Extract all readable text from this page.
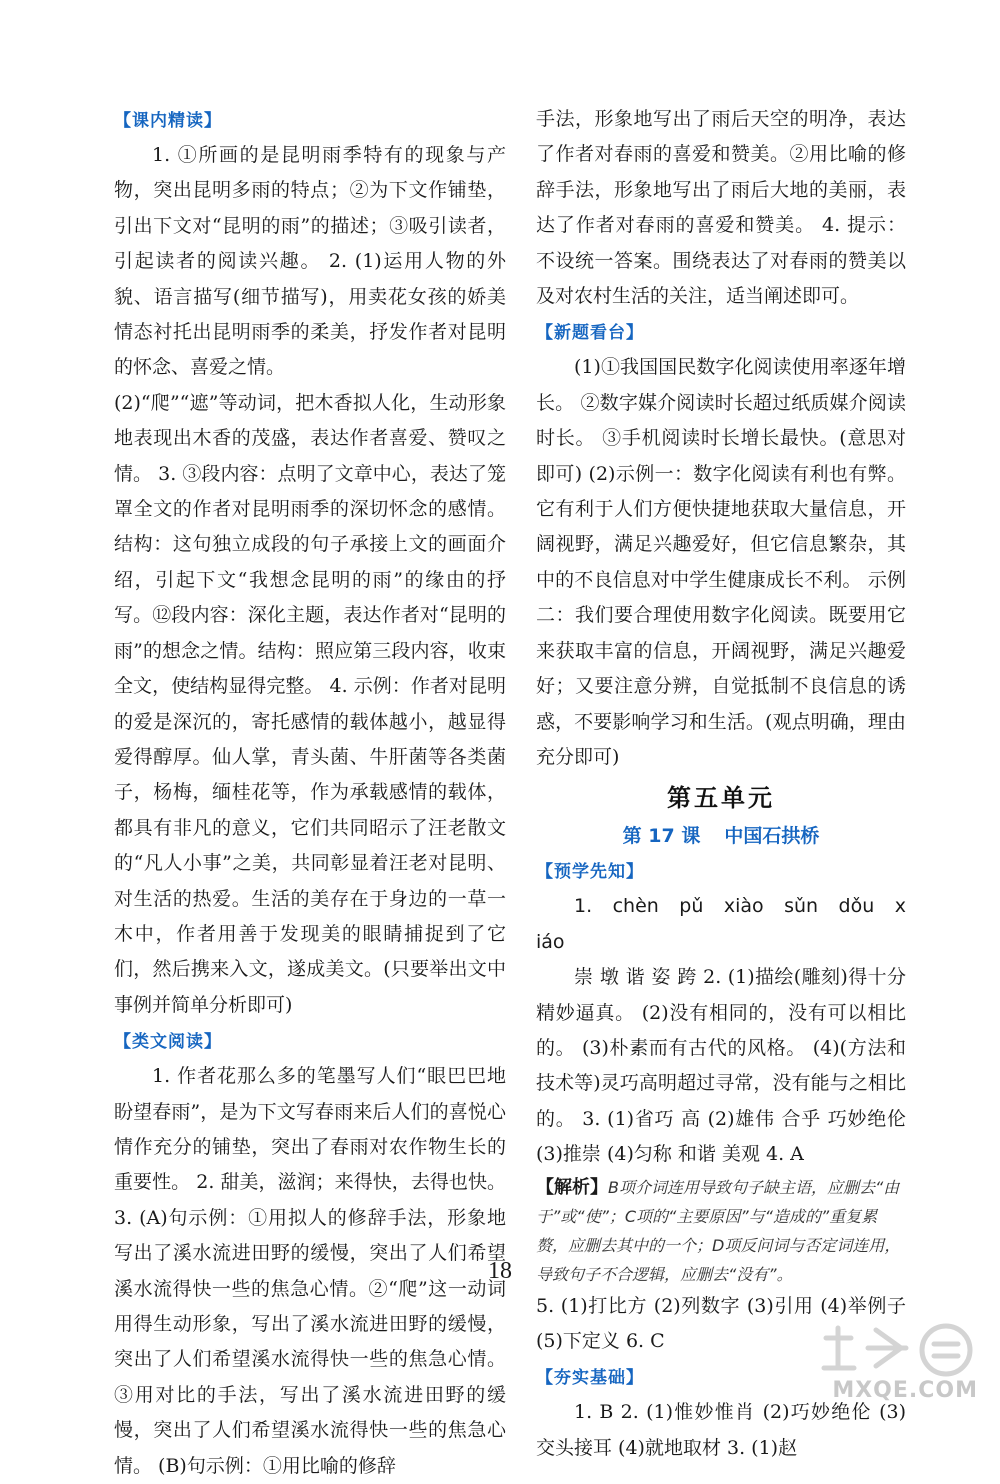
【课内精读】

1. ①所画的是昆明雨季特有的现象与产物，突出昆明多雨的特点；②为下文作铺垫，引出下文对“昆明的雨”的描述；③吸引读者，引起读者的阅读兴趣。 2. (1)运用人物的外貌、语言描写(细节描写)，用卖花女孩的娇美情态衬托出昆明雨季的柔美，抒发作者对昆明的怀念、喜爱之情。

(2)“爬”“遮”等动词，把木香拟人化，生动形象地表现出木香的茂盛，表达作者喜爱、赞叹之情。 3. ③段内容：点明了文章中心，表达了笼罩全文的作者对昆明雨季的深切怀念的感情。结构：这句独立成段的句子承接上文的画面介绍，引起下文“我想念昆明的雨”的缘由的抒写。⑫段内容：深化主题，表达作者对“昆明的雨”的想念之情。结构：照应第三段内容，收束全文，使结构显得完整。 4. 示例：作者对昆明的爱是深沉的，寄托感情的载体越小，越显得爱得醇厚。仙人掌，青头菌、牛肝菌等各类菌子，杨梅，缅桂花等，作为承载感情的载体，都具有非凡的意义，它们共同昭示了汪老散文的“凡人小事”之美，共同彰显着汪老对昆明、对生活的热爱。生活的美存在于身边的一草一木中，作者用善于发现美的眼睛捕捉到了它们，然后携来入文，遂成美文。(只要举出文中事例并简单分析即可)

【类文阅读】

1. 作者花那么多的笔墨写人们“眼巴巴地盼望春雨”，是为下文写春雨来后人们的喜悦心情作充分的铺垫，突出了春雨对农作物生长的重要性。 2. 甜美，滋润；来得快，去得也快。 3. (A)句示例：①用拟人的修辞手法，形象地写出了溪水流进田野的缓慢，突出了人们希望溪水流得快一些的焦急心情。②“爬”这一动词用得生动形象，写出了溪水流进田野的缓慢，突出了人们希望溪水流得快一些的焦急心情。③用对比的手法，写出了溪水流进田野的缓慢，突出了人们希望溪水流得快一些的焦急心情。 (B)句示例：①用比喻的修辞

手法，形象地写出了雨后天空的明净，表达了作者对春雨的喜爱和赞美。②用比喻的修辞手法，形象地写出了雨后大地的美丽，表达了作者对春雨的喜爱和赞美。 4. 提示：不设统一答案。围绕表达了对春雨的赞美以及对农村生活的关注，适当阐述即可。

【新题看台】

(1)①我国国民数字化阅读使用率逐年增长。 ②数字媒介阅读时长超过纸质媒介阅读时长。 ③手机阅读时长增长最快。(意思对即可) (2)示例一：数字化阅读有利也有弊。它有利于人们方便快捷地获取大量信息，开阔视野，满足兴趣爱好，但它信息繁杂，其中的不良信息对中学生健康成长不利。 示例二：我们要合理使用数字化阅读。既要用它来获取丰富的信息，开阔视野，满足兴趣爱好；又要注意分辨，自觉抵制不良信息的诱惑，不要影响学习和生活。(观点明确，理由充分即可)

第五单元
第 17 课 中国石拱桥
【预学先知】

1. chèn pǔ xiào sǔn dǒu xiáo

崇 墩 谐 姿 跨 2. (1)描绘(雕刻)得十分精妙逼真。 (2)没有相同的，没有可以相比的。 (3)朴素而有古代的风格。 (4)(方法和技术等)灵巧高明超过寻常，没有能与之相比的。 3. (1)省巧 高 (2)雄伟 合乎 巧妙绝伦 (3)推崇 (4)匀称 和谐 美观 4. A

【解析】B项介词连用导致句子缺主语，应删去“由于”或“使”；C项的“主要原因”与“造成的”重复累赘，应删去其中的一个；D项反问词与否定词连用，导致句子不合逻辑，应删去“没有”。

5. (1)打比方 (2)列数字 (3)引用 (4)举例子 (5)下定义 6. C

【夯实基础】

1. B 2. (1)惟妙惟肖 (2)巧妙绝伦 (3)交头接耳 (4)就地取材 3. (1)赵

18
MXQE.COM
